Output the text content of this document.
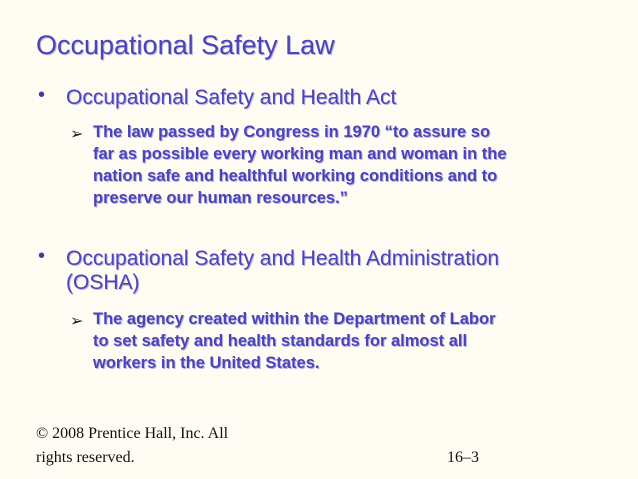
Occupational Safety Law
• Occupational Safety and Health Act
➢ The law passed by Congress in 1970 “to assure so
far as possible every working man and woman in the
nation safe and healthful working conditions and to
preserve our human resources.”
• Occupational Safety and Health Administration
(OSHA)
➢ The agency created within the Department of Labor
to set safety and health standards for almost all
workers in the United States.
© 2008 Prentice Hall, Inc. All
rights reserved.	16–3
